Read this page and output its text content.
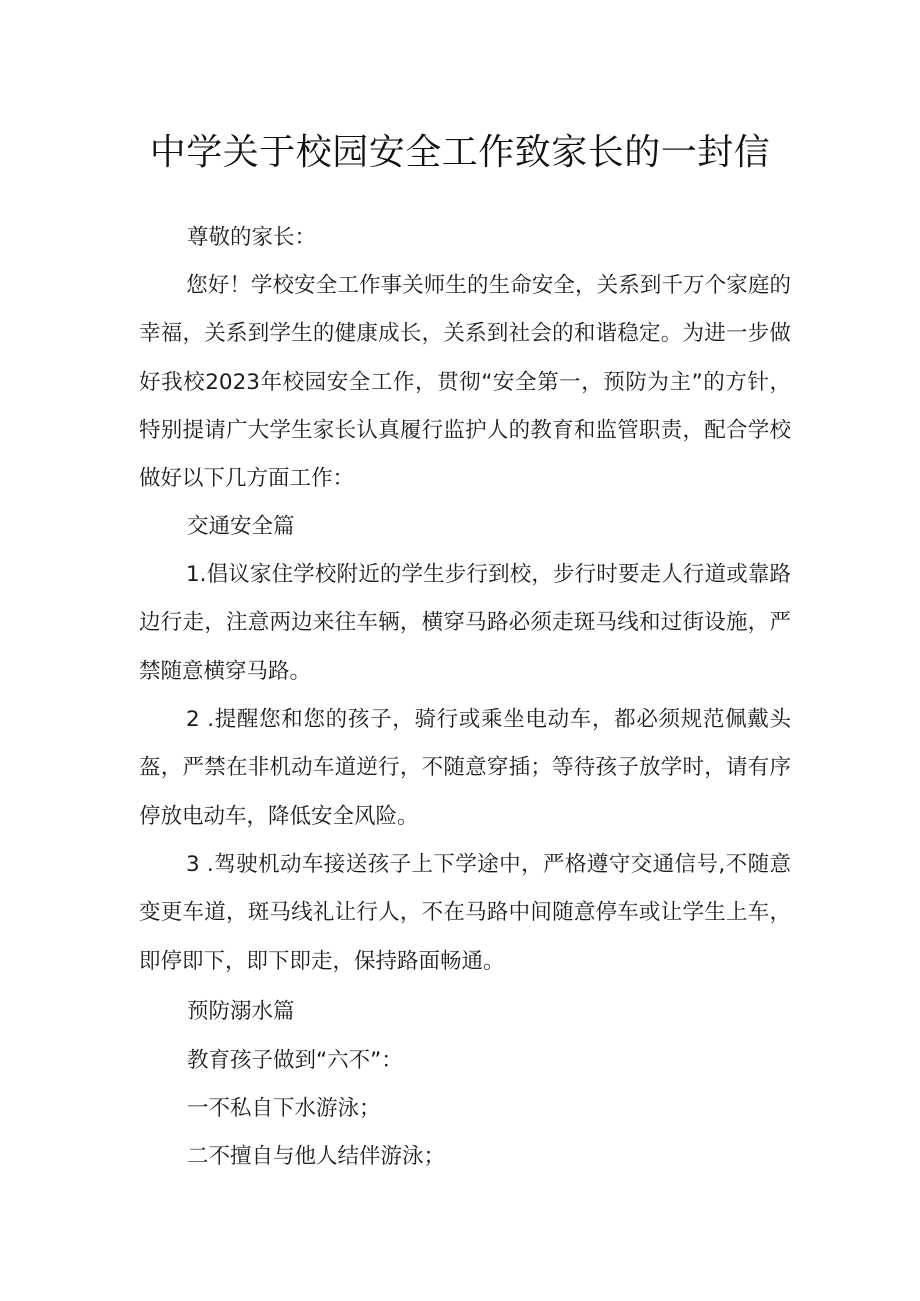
中学关于校园安全工作致家长的一封信
尊敬的家长：

您好！学校安全工作事关师生的生命安全，关系到千万个家庭的幸福，关系到学生的健康成长，关系到社会的和谐稳定。为进一步做好我校2023年校园安全工作，贯彻“安全第一，预防为主”的方针，特别提请广大学生家长认真履行监护人的教育和监管职责，配合学校做好以下几方面工作：

交通安全篇

1.倡议家住学校附近的学生步行到校，步行时要走人行道或靠路边行走，注意两边来往车辆，横穿马路必须走斑马线和过街设施，严禁随意横穿马路。

2 .提醒您和您的孩子，骑行或乘坐电动车，都必须规范佩戴头盔，严禁在非机动车道逆行，不随意穿插；等待孩子放学时，请有序停放电动车，降低安全风险。

3 .驾驶机动车接送孩子上下学途中，严格遵守交通信号,不随意变更车道，斑马线礼让行人，不在马路中间随意停车或让学生上车，即停即下，即下即走，保持路面畅通。

预防溺水篇
教育孩子做到“六不”：
一不私自下水游泳；
二不擅自与他人结伴游泳；
